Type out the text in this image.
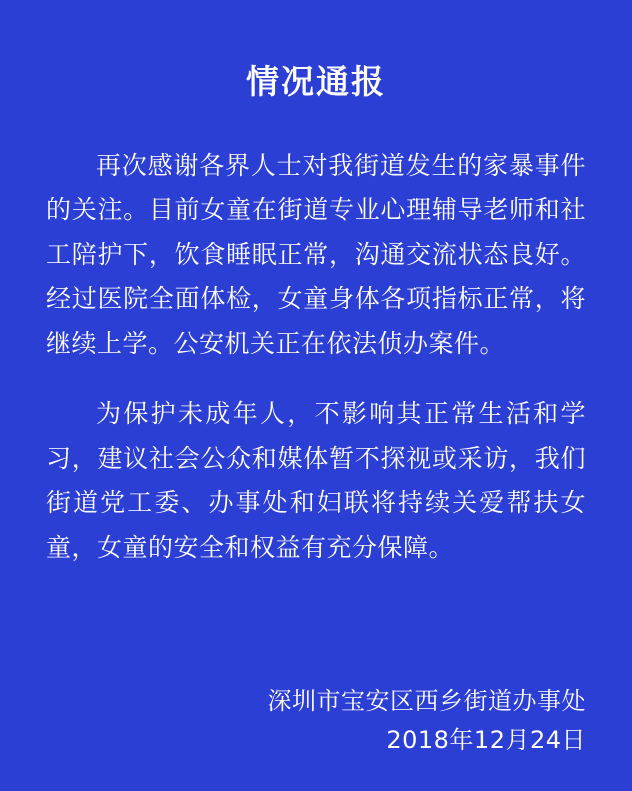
情况通报

再次感谢各界人士对我街道发生的家暴事件的关注。目前女童在街道专业心理辅导老师和社工陪护下，饮食睡眠正常，沟通交流状态良好。经过医院全面体检，女童身体各项指标正常，将继续上学。公安机关正在依法侦办案件。

为保护未成年人，不影响其正常生活和学习，建议社会公众和媒体暂不探视或采访，我们街道党工委、办事处和妇联将持续关爱帮扶女童，女童的安全和权益有充分保障。

深圳市宝安区西乡街道办事处
2018年12月24日
